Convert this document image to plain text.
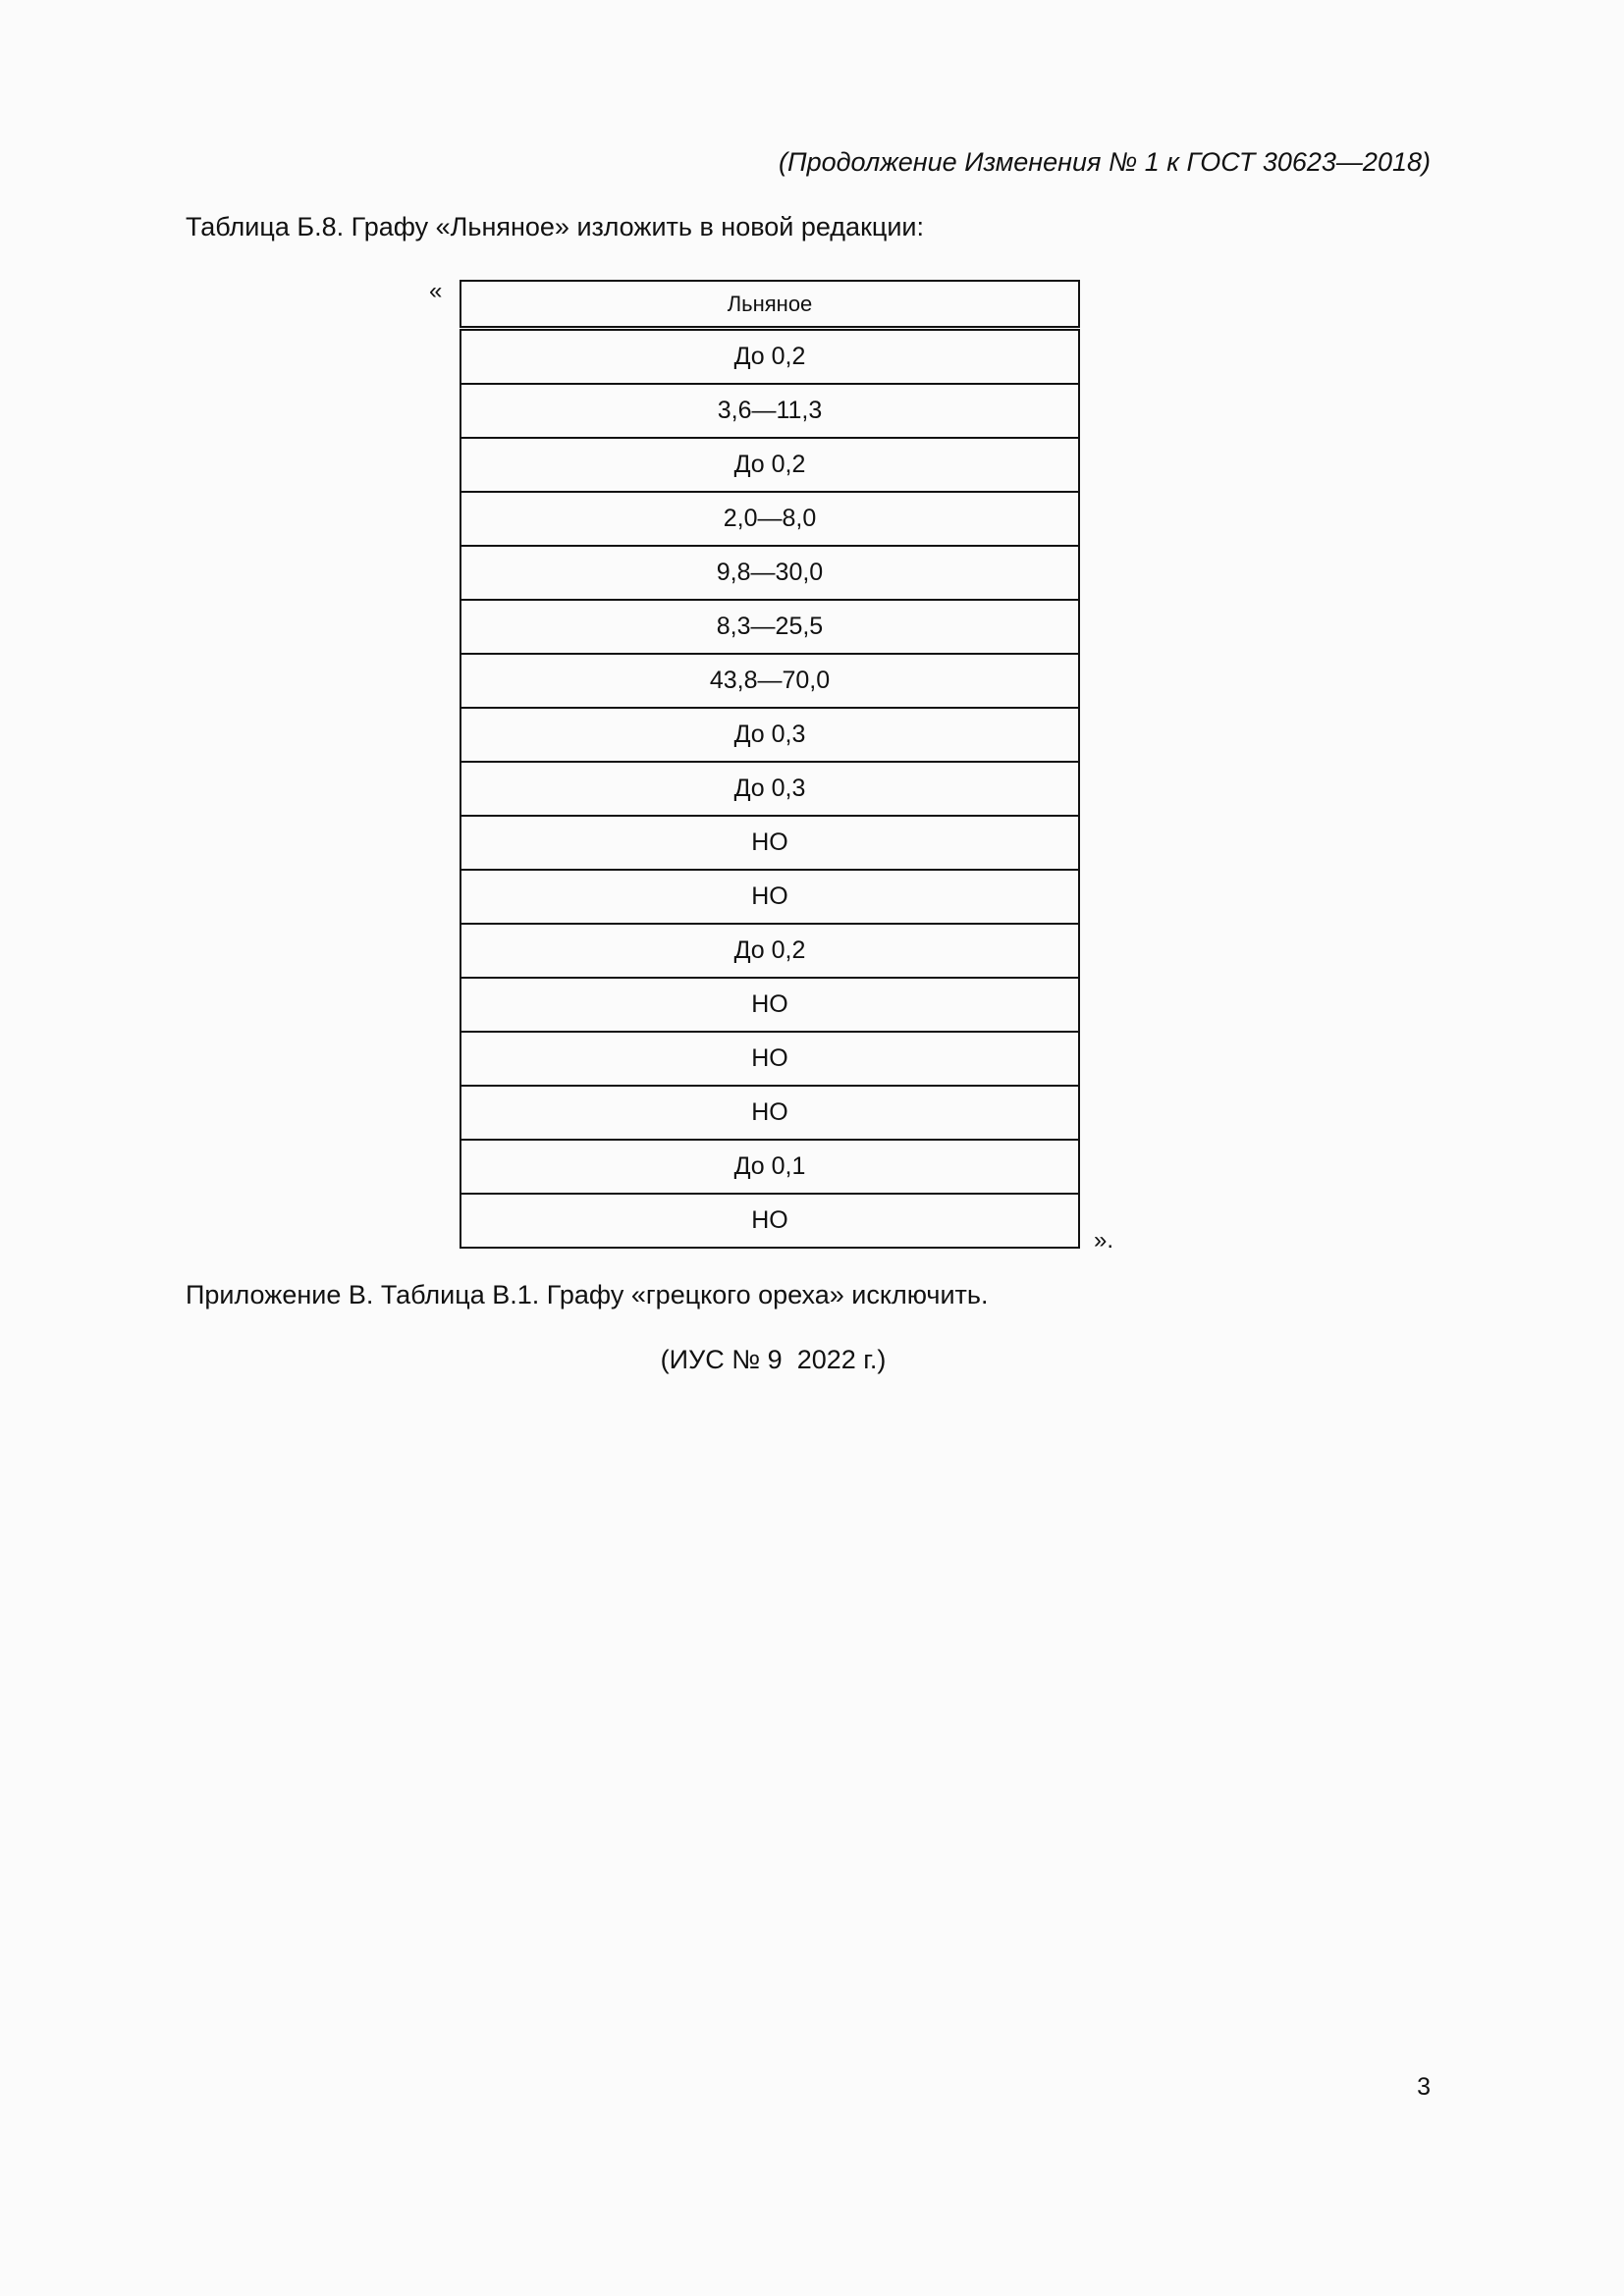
(Продолжение Изменения № 1 к ГОСТ 30623—2018)
Таблица Б.8. Графу «Льняное» изложить в новой редакции:
«	Льняное
До 0,2
3,6—11,3
До 0,2
2,0—8,0
9,8—30,0
8,3—25,5
43,8—70,0
До 0,3
До 0,3
НО
НО
До 0,2
НО
НО
НО
До 0,1
НО
».
Приложение В. Таблица В.1. Графу «грецкого ореха» исключить.
(ИУС № 9  2022 г.)
3
